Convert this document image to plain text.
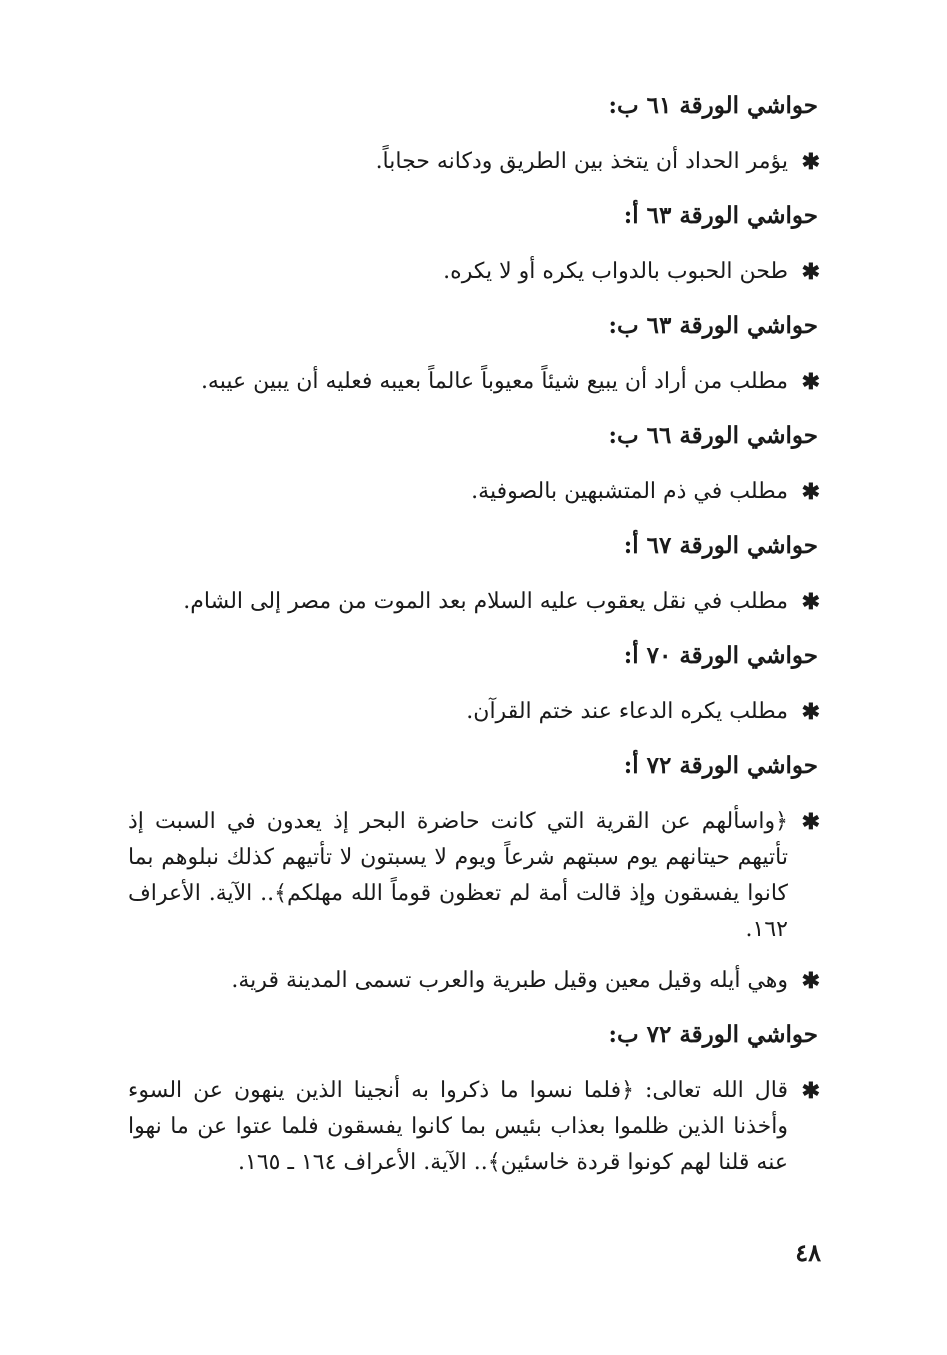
حواشي الورقة ٦١ ب:
✱
يؤمر الحداد أن يتخذ بين الطريق ودكانه حجاباً.
حواشي الورقة ٦٣ أ:
✱
طحن الحبوب بالدواب يكره أو لا يكره.
حواشي الورقة ٦٣ ب:
✱
مطلب من أراد أن يبيع شيئاً معيوباً عالماً بعيبه فعليه أن يبين عيبه.
حواشي الورقة ٦٦ ب:
✱
مطلب في ذم المتشبهين بالصوفية.
حواشي الورقة ٦٧ أ:
✱
مطلب في نقل يعقوب عليه السلام بعد الموت من مصر إلى الشام.
حواشي الورقة ٧٠ أ:
✱
مطلب يكره الدعاء عند ختم القرآن.
حواشي الورقة ٧٢ أ:
✱
﴿واسألهم عن القرية التي كانت حاضرة البحر إذ يعدون في السبت إذ تأتيهم حيتانهم يوم سبتهم شرعاً ويوم لا يسبتون لا تأتيهم كذلك نبلوهم بما كانوا يفسقون وإذ قالت أمة لم تعظون قوماً الله مهلكم﴾.. الآية. الأعراف ١٦٢.
✱
وهي أيله وقيل معين وقيل طبرية والعرب تسمى المدينة قرية.
حواشي الورقة ٧٢ ب:
✱
قال الله تعالى: ﴿فلما نسوا ما ذكروا به أنجينا الذين ينهون عن السوء وأخذنا الذين ظلموا بعذاب بئيس بما كانوا يفسقون فلما عتوا عن ما نهوا عنه قلنا لهم كونوا قردة خاسئين﴾.. الآية. الأعراف ١٦٤ ـ ١٦٥.
٤٨
